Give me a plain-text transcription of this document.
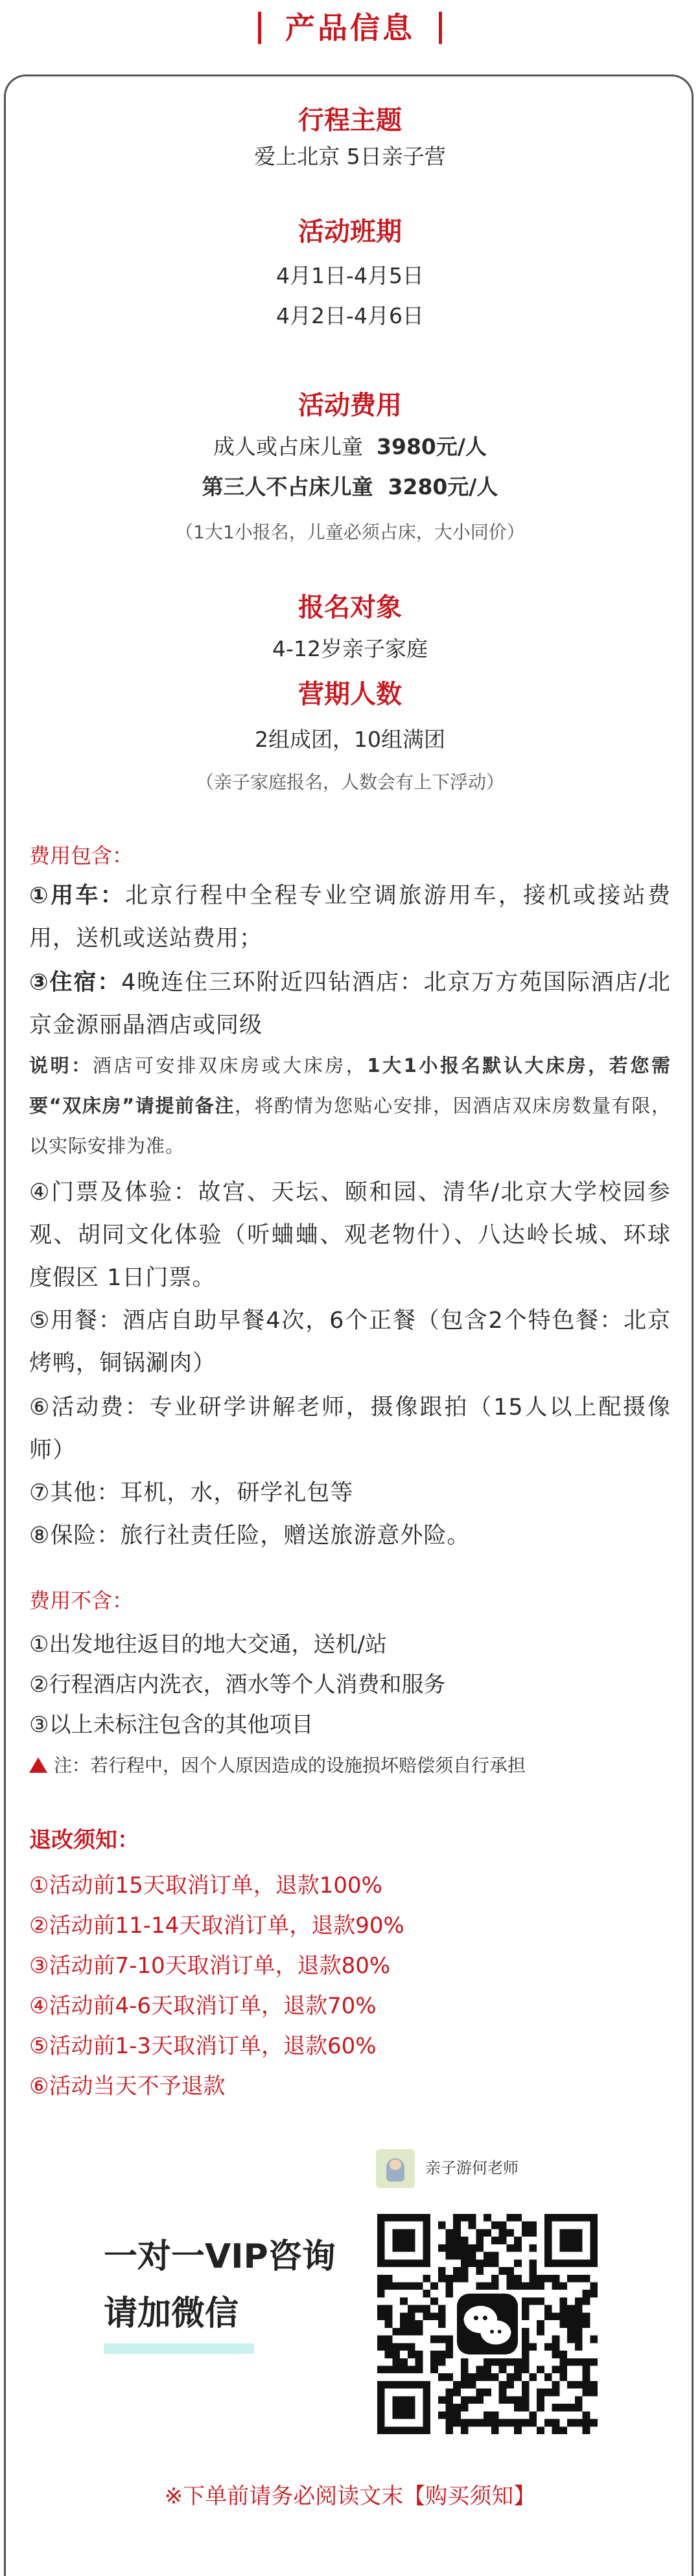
产品信息
行程主题
爱上北京 5日亲子营
活动班期
4月1日-4月5日
4月2日-4月6日
活动费用
成人或占床儿童 3980元/人
第三人不占床儿童 3280元/人
（1大1小报名，儿童必须占床，大小同价）
报名对象
4-12岁亲子家庭
营期人数
2组成团，10组满团
（亲子家庭报名，人数会有上下浮动）
费用包含：
①用车：北京行程中全程专业空调旅游用车，接机或接站费用，送机或送站费用；
③住宿：4晚连住三环附近四钻酒店：北京万方苑国际酒店/北京金源丽晶酒店或同级
说明：酒店可安排双床房或大床房，1大1小报名默认大床房，若您需要“双床房”请提前备注，将酌情为您贴心安排，因酒店双床房数量有限，以实际安排为准。
④门票及体验：故宫、天坛、颐和园、清华/北京大学校园参观、胡同文化体验（听蛐蛐、观老物什）、八达岭长城、环球度假区 1日门票。
⑤用餐：酒店自助早餐4次，6个正餐（包含2个特色餐：北京烤鸭，铜锅涮肉）
⑥活动费：专业研学讲解老师，摄像跟拍（15人以上配摄像师）
⑦其他：耳机，水，研学礼包等
⑧保险：旅行社责任险，赠送旅游意外险。
费用不含：
①出发地往返目的地大交通，送机/站
②行程酒店内洗衣，酒水等个人消费和服务
③以上未标注包含的其他项目
注：若行程中，因个人原因造成的设施损坏赔偿须自行承担
退改须知：
①活动前15天取消订单，退款100%
②活动前11-14天取消订单，退款90%
③活动前7-10天取消订单，退款80%
④活动前4-6天取消订单，退款70%
⑤活动前1-3天取消订单，退款60%
⑥活动当天不予退款
亲子游何老师
一对一VIP咨询
请加微信
※下单前请务必阅读文末【购买须知】
